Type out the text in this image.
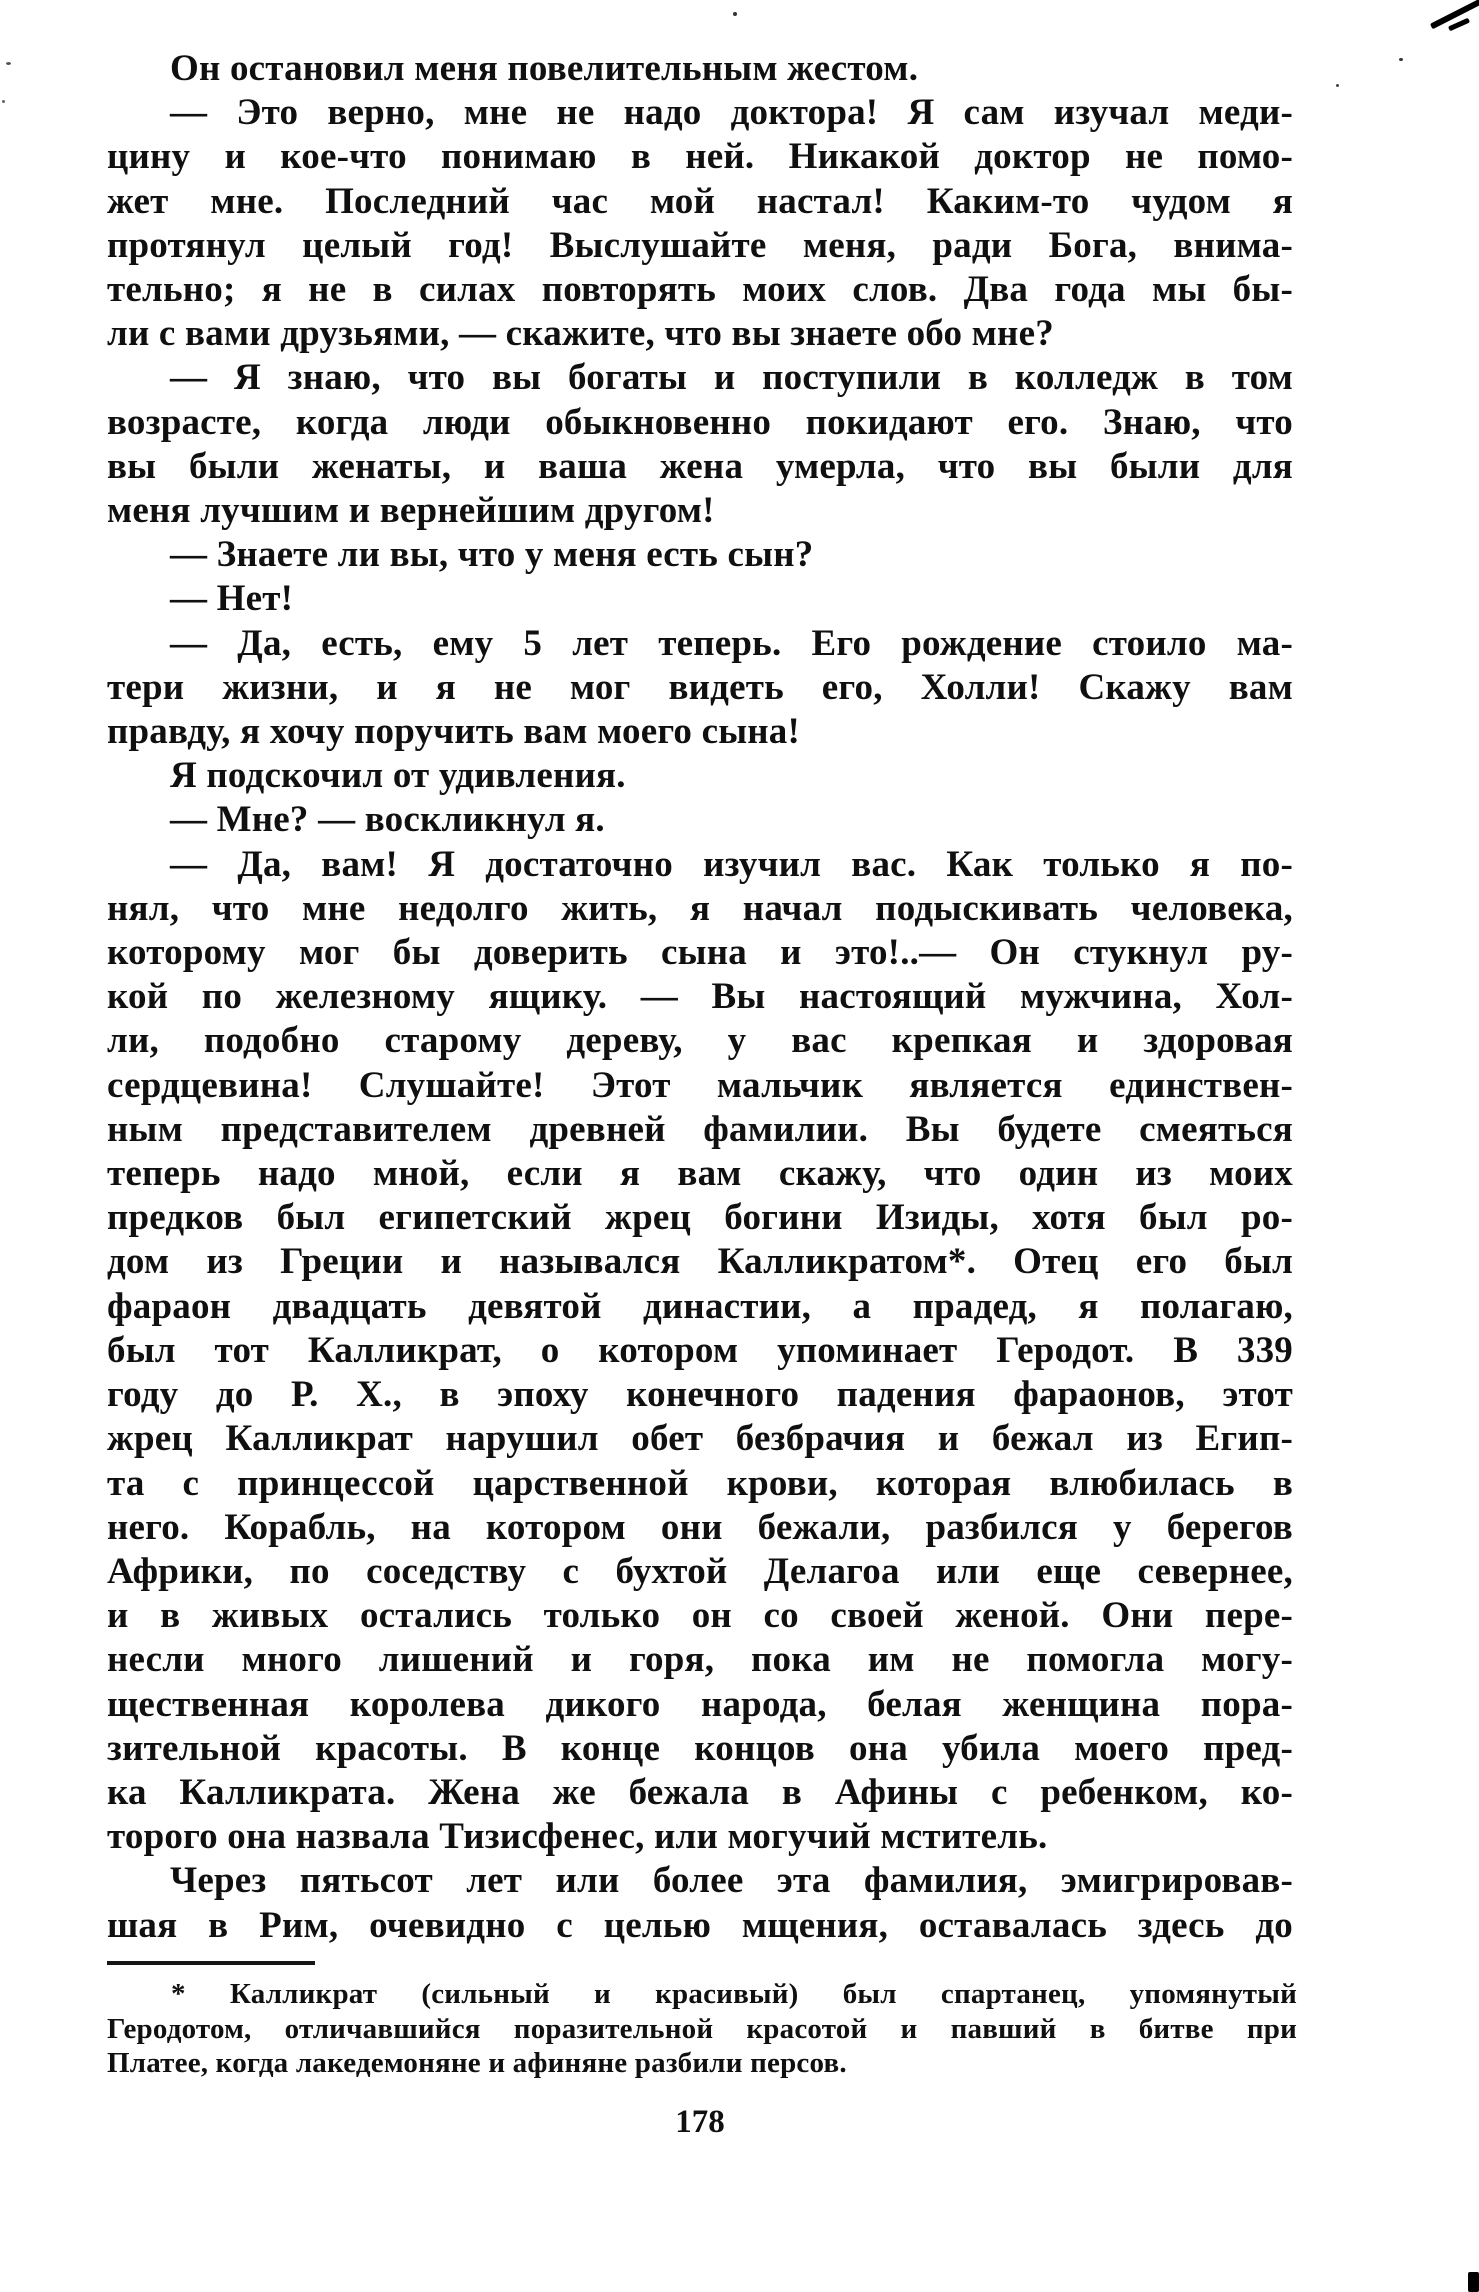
Он остановил меня повелительным жестом.
— Это верно, мне не надо доктора! Я сам изучал меди-
цину и кое-что понимаю в ней. Никакой доктор не помо-
жет мне. Последний час мой настал! Каким-то чудом я
протянул целый год! Выслушайте меня, ради Бога, внима-
тельно; я не в силах повторять моих слов. Два года мы бы-
ли с вами друзьями, — скажите, что вы знаете обо мне?
— Я знаю, что вы богаты и поступили в колледж в том
возрасте, когда люди обыкновенно покидают его. Знаю, что
вы были женаты, и ваша жена умерла, что вы были для
меня лучшим и вернейшим другом!
— Знаете ли вы, что у меня есть сын?
— Нет!
— Да, есть, ему 5 лет теперь. Его рождение стоило ма-
тери жизни, и я не мог видеть его, Холли! Скажу вам
правду, я хочу поручить вам моего сына!
Я подскочил от удивления.
— Мне? — воскликнул я.
— Да, вам! Я достаточно изучил вас. Как только я по-
нял, что мне недолго жить, я начал подыскивать человека,
которому мог бы доверить сына и это!..— Он стукнул ру-
кой по железному ящику. — Вы настоящий мужчина, Хол-
ли, подобно старому дереву, у вас крепкая и здоровая
сердцевина! Слушайте! Этот мальчик является единствен-
ным представителем древней фамилии. Вы будете смеяться
теперь надо мной, если я вам скажу, что один из моих
предков был египетский жрец богини Изиды, хотя был ро-
дом из Греции и назывался Калликратом*. Отец его был
фараон двадцать девятой династии, а прадед, я полагаю,
был тот Калликрат, о котором упоминает Геродот. В 339
году до Р. Х., в эпоху конечного падения фараонов, этот
жрец Калликрат нарушил обет безбрачия и бежал из Егип-
та с принцессой царственной крови, которая влюбилась в
него. Корабль, на котором они бежали, разбился у берегов
Африки, по соседству с бухтой Делагоа или еще севернее,
и в живых остались только он со своей женой. Они пере-
несли много лишений и горя, пока им не помогла могу-
щественная королева дикого народа, белая женщина пора-
зительной красоты. В конце концов она убила моего пред-
ка Калликрата. Жена же бежала в Афины с ребенком, ко-
торого она назвала Тизисфенес, или могучий мститель.
Через пятьсот лет или более эта фамилия, эмигрировав-
шая в Рим, очевидно с целью мщения, оставалась здесь до
* Калликрат (сильный и красивый) был спартанец, упомянутый
Геродотом, отличавшийся поразительной красотой и павший в битве при
Платее, когда лакедемоняне и афиняне разбили персов.
178
